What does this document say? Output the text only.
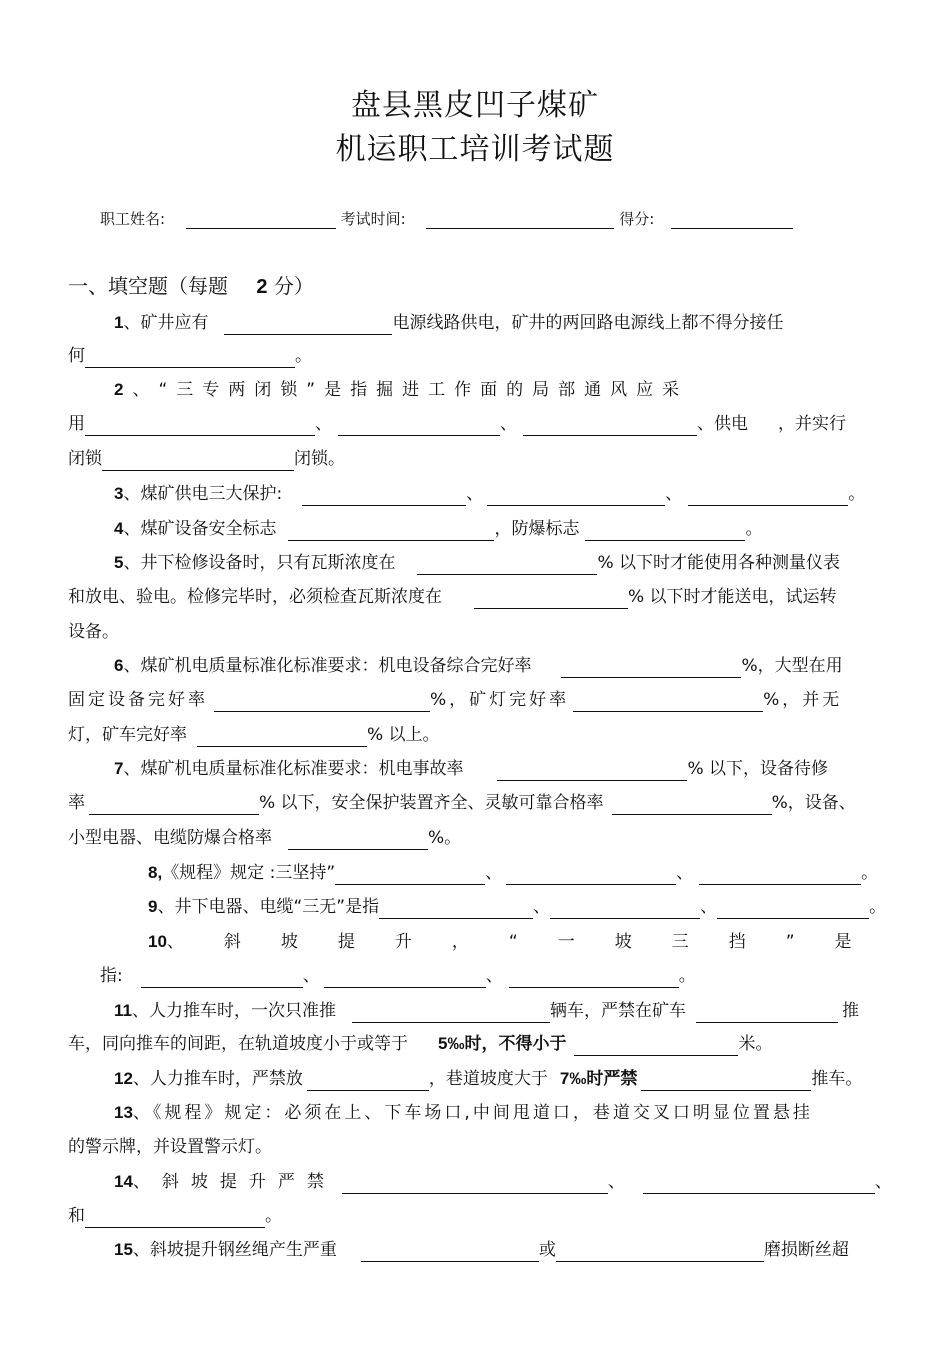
盘县黑皮凹子煤矿
机运职工培训考试题
职工姓名:	考试时间:	得分:
一、填空题（每题 2 分）
1、矿井应有	电源线路供电，矿井的两回路电源线上都不得分接任
何	。
2、“三专两闭锁”是指掘进工作面的局部通风应采
用	、	、	、供电 ，并实行
闭锁	闭锁。
3、煤矿供电三大保护:	、	、	。
4、煤矿设备安全标志	，防爆标志	。
5、井下检修设备时，只有瓦斯浓度在	% 以下时才能使用各种测量仪表
和放电、验电。检修完毕时，必须检查瓦斯浓度在	% 以下时才能送电，试运转
设备。
6、煤矿机电质量标准化标准要求：机电设备综合完好率	%，大型在用
固定设备完好率	%，矿灯完好率	%，并无
灯，矿车完好率	% 以上。
7、煤矿机电质量标准化标准要求：机电事故率	% 以下，设备待修
率	% 以下，安全保护装置齐全、灵敏可靠合格率	%，设备、
小型电器、电缆防爆合格率	%。
8,《规程》规定 :三坚持”	、	、	。
9、井下电器、电缆“三无”是指	、	、	。
10、斜坡提升，“一坡三挡”是
指:	、	、	。
11、人力推车时，一次只准推	辆车，严禁在矿车	推
车，同向推车的间距，在轨道坡度小于或等于 5‰时，不得小于	米。
12、人力推车时，严禁放	，巷道坡度大于 7‰时严禁	推车。
13、《规程》规定：必须在上、下车场口,中间甩道口，巷道交叉口明显位置悬挂
的警示牌，并设置警示灯。
14、斜坡提升严禁	、	、
和	。
15、斜坡提升钢丝绳产生严重	或	磨损断丝超
